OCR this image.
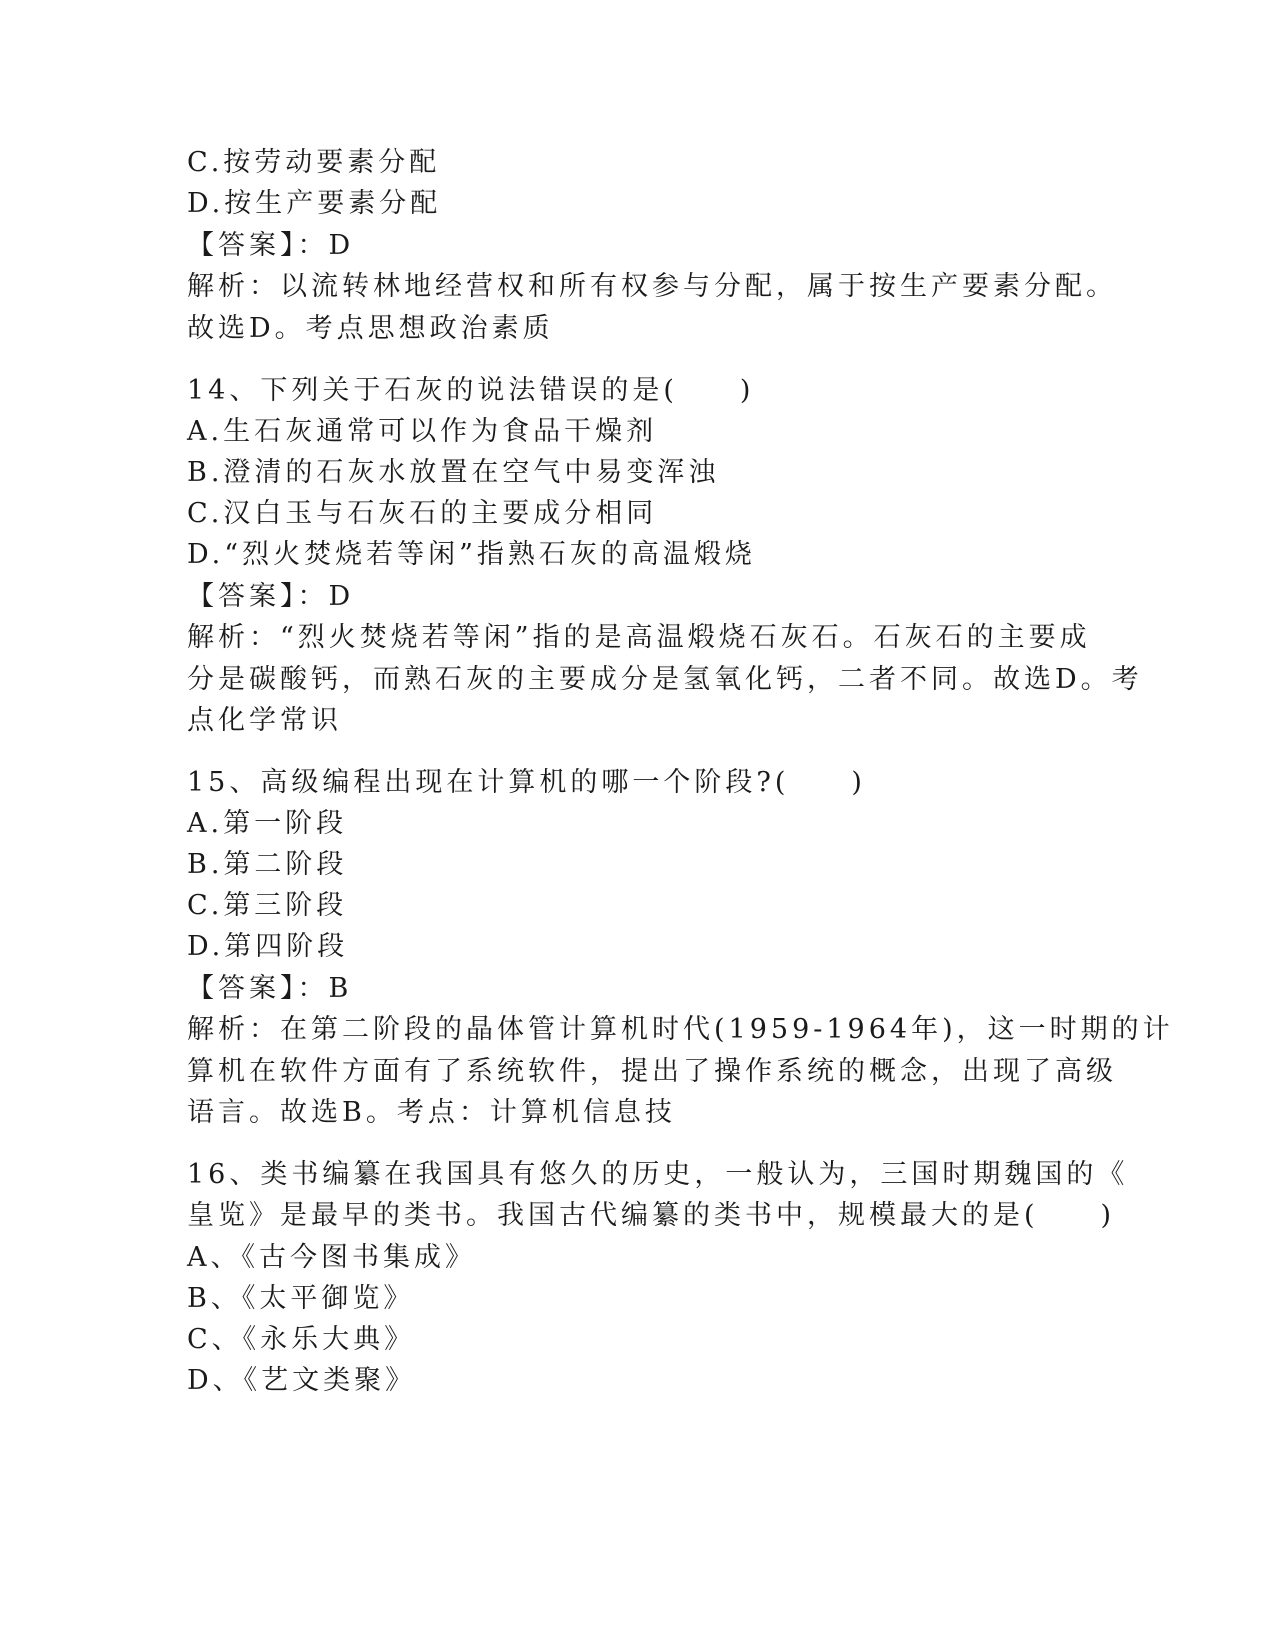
C.按劳动要素分配
D.按生产要素分配
【答案】：D
解析：以流转林地经营权和所有权参与分配，属于按生产要素分配。
故选D。考点思想政治素质
14、下列关于石灰的说法错误的是(　　)
A.生石灰通常可以作为食品干燥剂
B.澄清的石灰水放置在空气中易变浑浊
C.汉白玉与石灰石的主要成分相同
D.“烈火焚烧若等闲”指熟石灰的高温煅烧
【答案】：D
解析：“烈火焚烧若等闲”指的是高温煅烧石灰石。石灰石的主要成
分是碳酸钙，而熟石灰的主要成分是氢氧化钙，二者不同。故选D。考
点化学常识
15、高级编程出现在计算机的哪一个阶段?(　　)
A.第一阶段
B.第二阶段
C.第三阶段
D.第四阶段
【答案】：B
解析：在第二阶段的晶体管计算机时代(1959-1964年)，这一时期的计
算机在软件方面有了系统软件，提出了操作系统的概念，出现了高级
语言。故选B。考点：计算机信息技
16、类书编纂在我国具有悠久的历史，一般认为，三国时期魏国的《
皇览》是最早的类书。我国古代编纂的类书中，规模最大的是(　　)
A、《古今图书集成》
B、《太平御览》
C、《永乐大典》
D、《艺文类聚》
